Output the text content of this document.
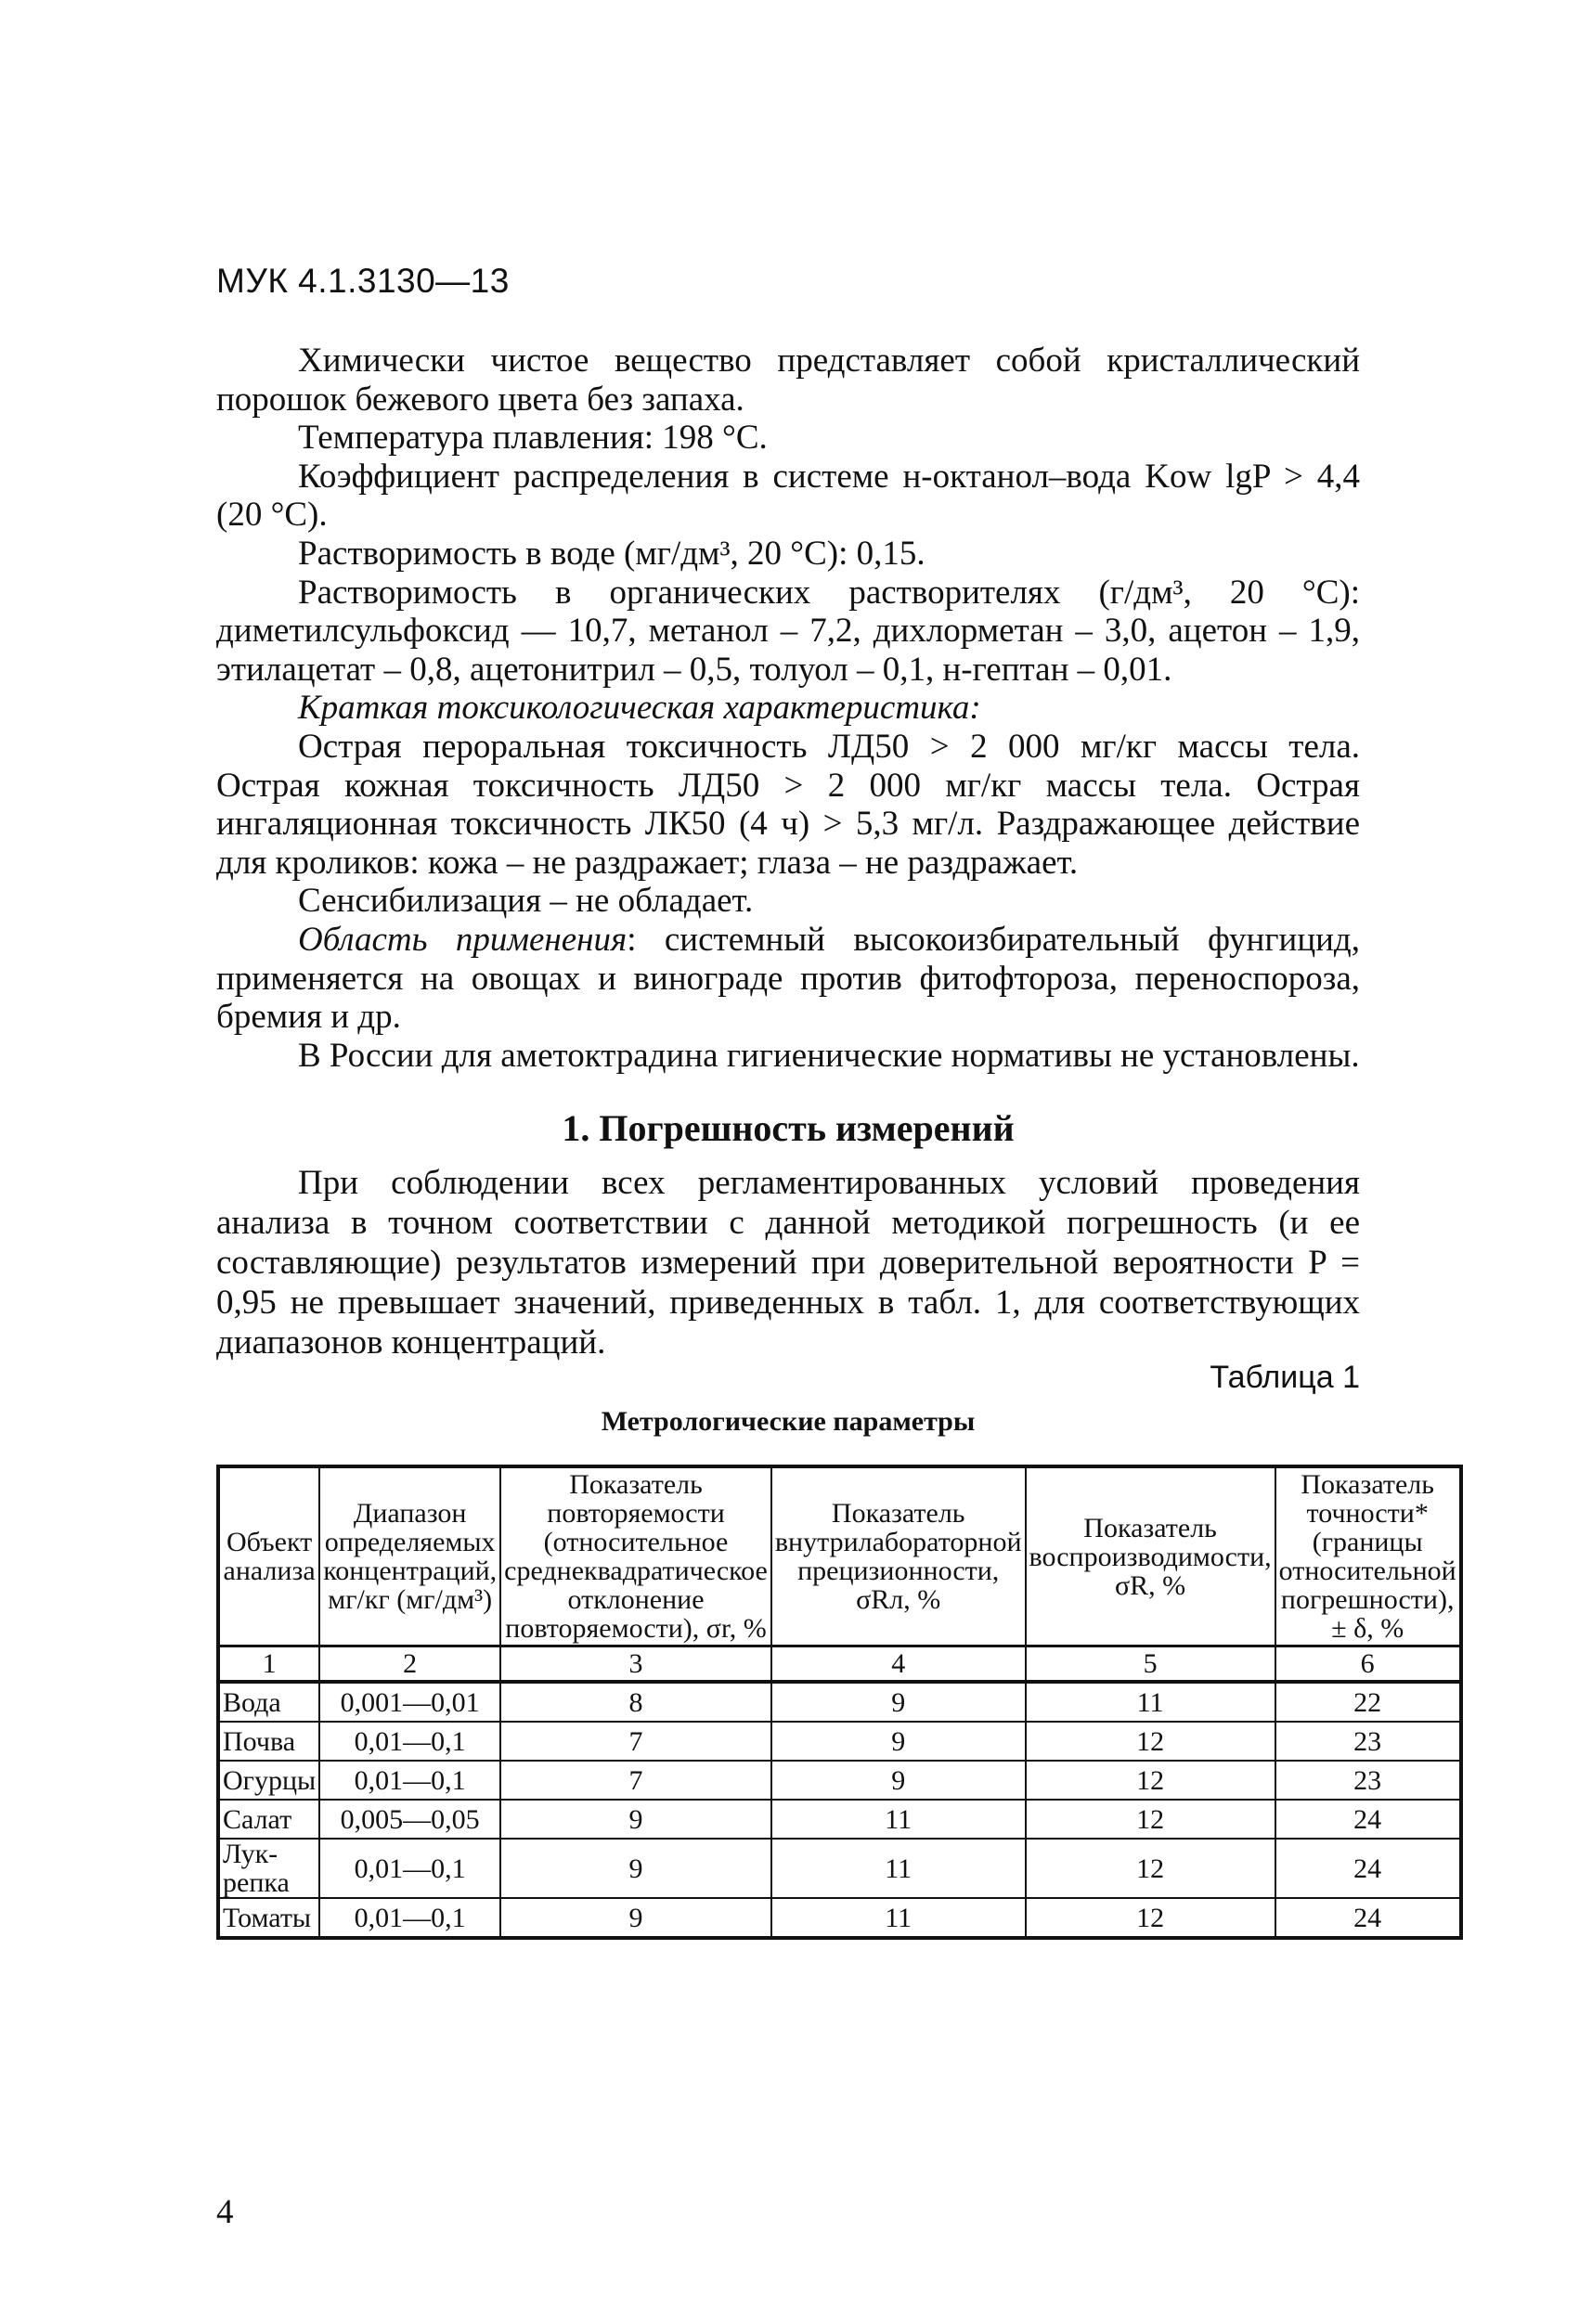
МУК 4.1.3130—13

Химически чистое вещество представляет собой кристаллический порошок бежевого цвета без запаха.

Температура плавления: 198 °С.

Коэффициент распределения в системе н-октанол–вода Kow lgP > 4,4 (20 °С).

Растворимость в воде (мг/дм³, 20 °С): 0,15.

Растворимость в органических растворителях (г/дм³, 20 °С): диметилсульфоксид — 10,7, метанол – 7,2, дихлорметан – 3,0, ацетон – 1,9, этилацетат – 0,8, ацетонитрил – 0,5, толуол – 0,1, н-гептан – 0,01.

Краткая токсикологическая характеристика:

Острая пероральная токсичность ЛД50 > 2 000 мг/кг массы тела. Острая кожная токсичность ЛД50 > 2 000 мг/кг массы тела. Острая ингаляционная токсичность ЛК50 (4 ч) > 5,3 мг/л. Раздражающее действие для кроликов: кожа – не раздражает; глаза – не раздражает.

Сенсибилизация – не обладает.

Область применения: системный высокоизбирательный фунгицид, применяется на овощах и винограде против фитофтороза, переноспороза, бремия и др.

В России для аметоктрадина гигиенические нормативы не установлены.

1. Погрешность измерений

При соблюдении всех регламентированных условий проведения анализа в точном соответствии с данной методикой погрешность (и ее составляющие) результатов измерений при доверительной вероятности P = 0,95 не превышает значений, приведенных в табл. 1, для соответствующих диапазонов концентраций.

Таблица 1
Метрологические параметры
Объект анализа	Диапазон определяемых концентраций, мг/кг (мг/дм³)	Показатель повторяемости (относительное среднеквадратическое отклонение повторяемости), σr, %	Показатель внутрилабораторной прецизионности, σRл, %	Показатель воспроизводимости, σR, %	Показатель точности* (границы относительной погрешности), ± δ, %
1	2	3	4	5	6
Вода	0,001—0,01	8	9	11	22
Почва	0,01—0,1	7	9	12	23
Огурцы	0,01—0,1	7	9	12	23
Салат	0,005—0,05	9	11	12	24
Лук-репка	0,01—0,1	9	11	12	24
Томаты	0,01—0,1	9	11	12	24
4
